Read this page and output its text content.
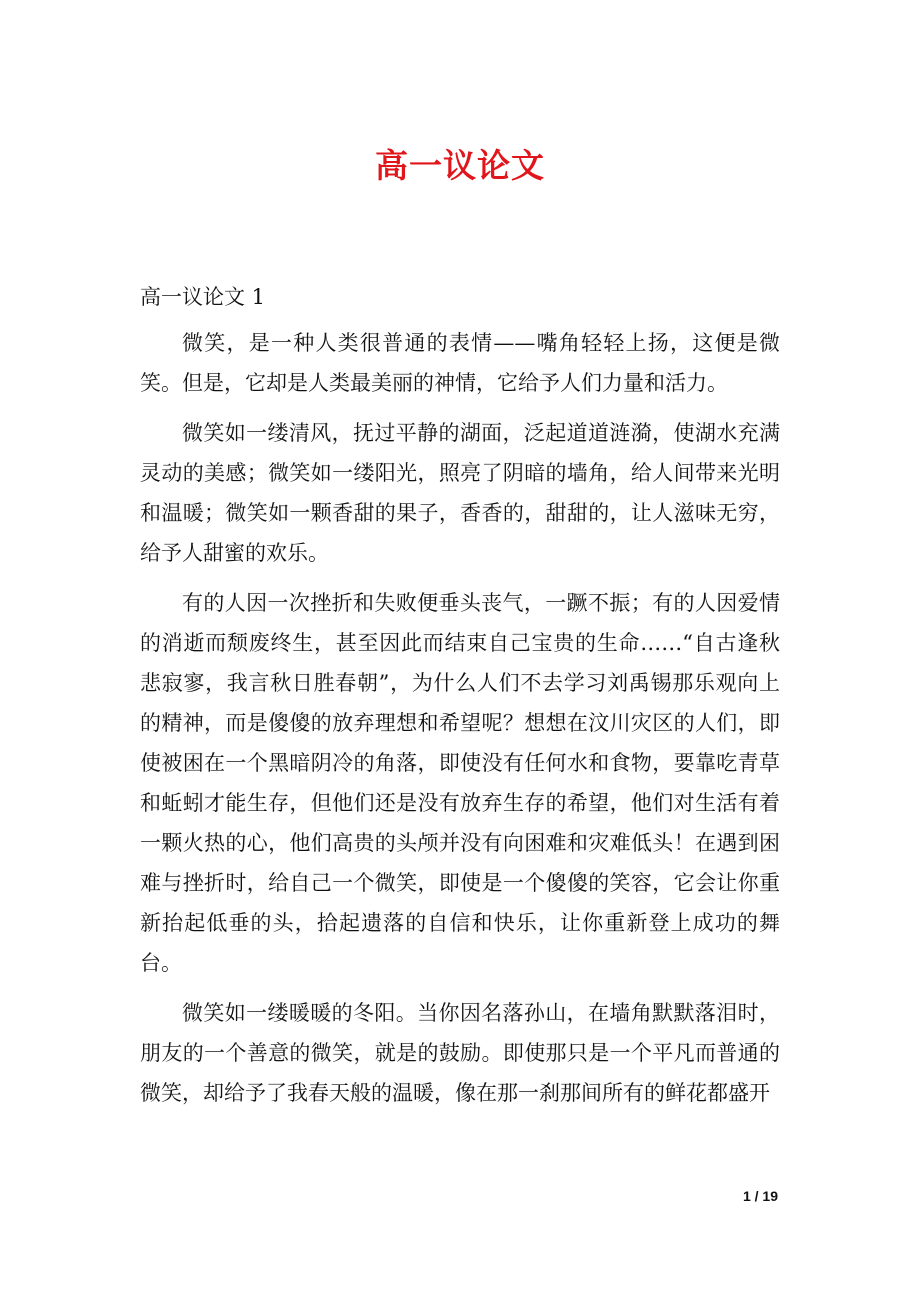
高一议论文
高一议论文 1

微笑，是一种人类很普通的表情——嘴角轻轻上扬，这便是微笑。但是，它却是人类最美丽的神情，它给予人们力量和活力。

微笑如一缕清风，抚过平静的湖面，泛起道道涟漪，使湖水充满灵动的美感；微笑如一缕阳光，照亮了阴暗的墙角，给人间带来光明和温暖；微笑如一颗香甜的果子，香香的，甜甜的，让人滋味无穷，给予人甜蜜的欢乐。

有的人因一次挫折和失败便垂头丧气，一蹶不振；有的人因爱情的消逝而颓废终生，甚至因此而结束自己宝贵的生命……“自古逢秋悲寂寥，我言秋日胜春朝”，为什么人们不去学习刘禹锡那乐观向上的精神，而是傻傻的放弃理想和希望呢？想想在汶川灾区的人们，即使被困在一个黑暗阴冷的角落，即使没有任何水和食物，要靠吃青草和蚯蚓才能生存，但他们还是没有放弃生存的希望，他们对生活有着一颗火热的心，他们高贵的头颅并没有向困难和灾难低头！在遇到困难与挫折时，给自己一个微笑，即使是一个傻傻的笑容，它会让你重新抬起低垂的头，拾起遗落的自信和快乐，让你重新登上成功的舞台。

微笑如一缕暖暖的冬阳。当你因名落孙山，在墙角默默落泪时，朋友的一个善意的微笑，就是的鼓励。即使那只是一个平凡而普通的微笑，却给予了我春天般的温暖，像在那一刹那间所有的鲜花都盛开

1 / 19
